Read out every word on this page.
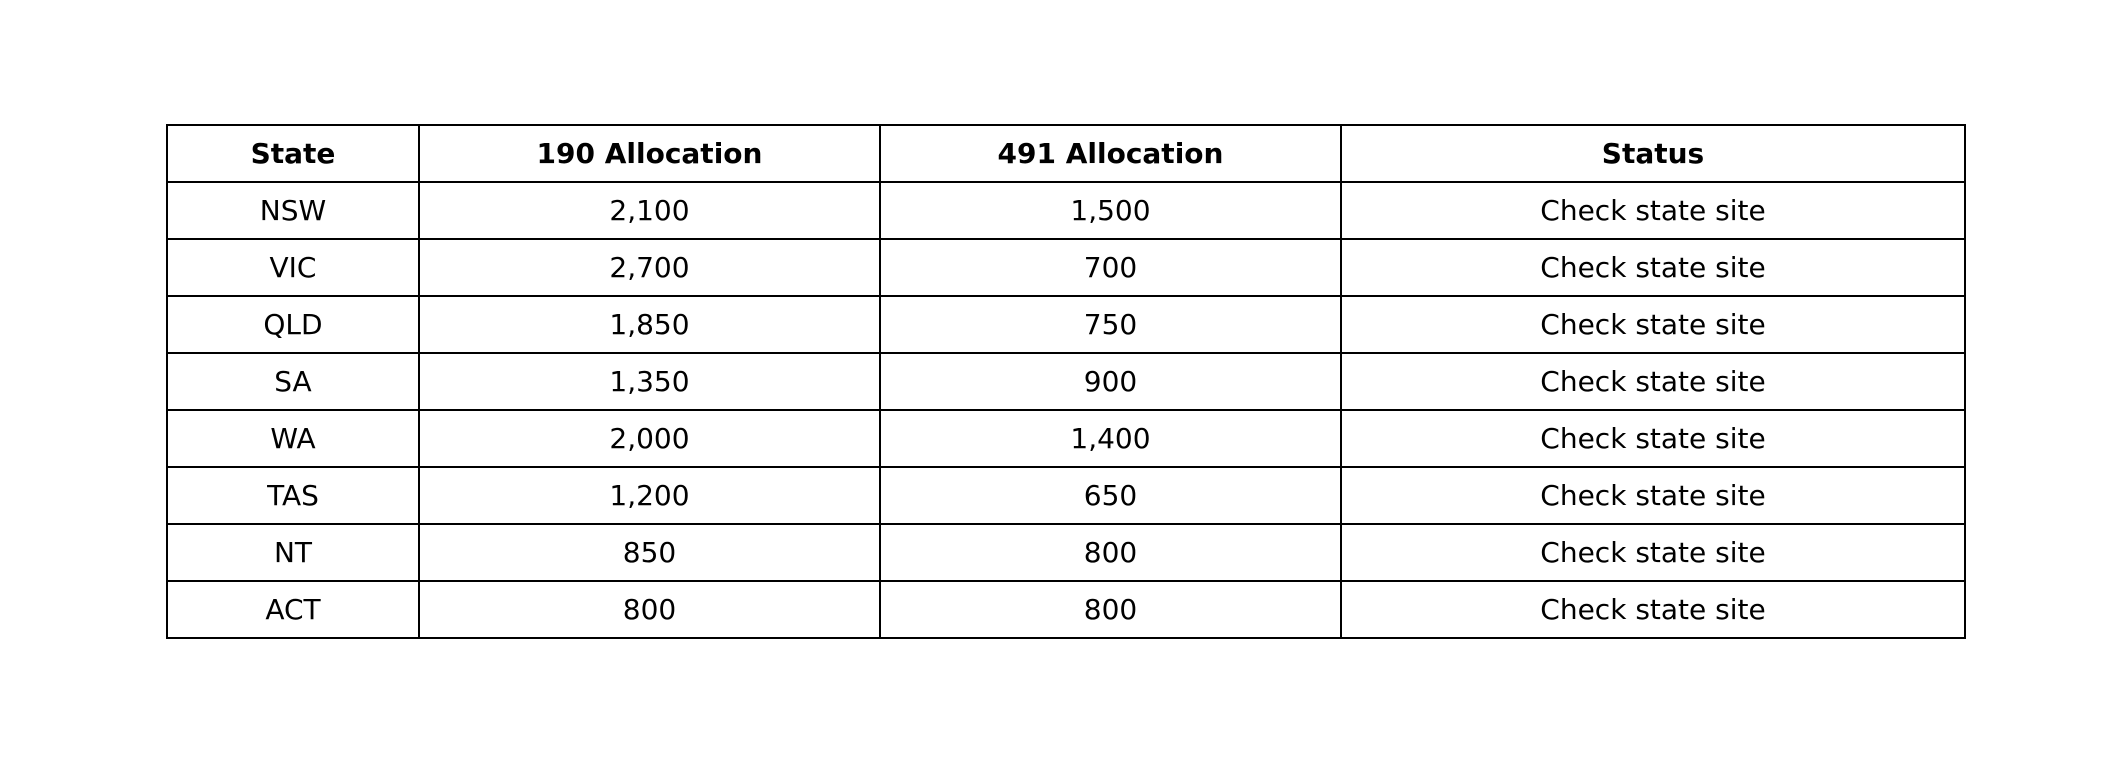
State	190 Allocation	491 Allocation	Status
NSW	2,100	1,500	Check state site
VIC	2,700	700	Check state site
QLD	1,850	750	Check state site
SA	1,350	900	Check state site
WA	2,000	1,400	Check state site
TAS	1,200	650	Check state site
NT	850	800	Check state site
ACT	800	800	Check state site
